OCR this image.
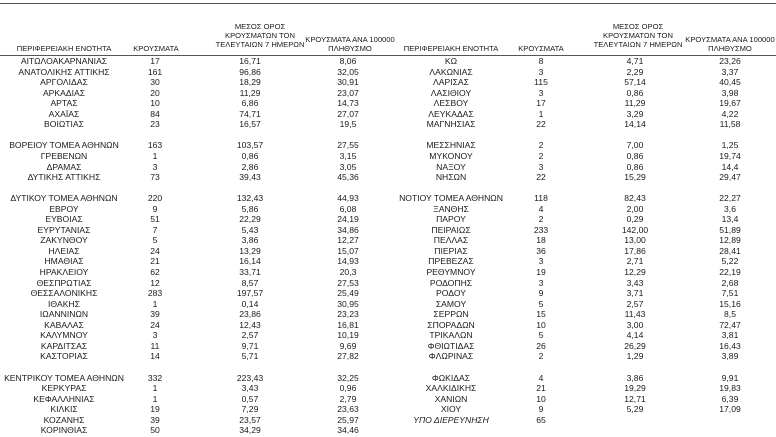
ΠΕΡΙΦΕΡΕΙΑΚΗ ΕΝΟΤΗΤΑ	ΚΡΟΥΣΜΑΤΑ
ΜΕΣΟΣ ΟΡΟΣ
ΚΡΟΥΣΜΑΤΩΝ ΤΟΝ
ΤΕΛΕΥΤΑΙΩΝ 7 ΗΜΕΡΩΝ
ΚΡΟΥΣΜΑΤΑ ΑΝΑ 100000
ΠΛΗΘΥΣΜΟ	ΠΕΡΙΦΕΡΕΙΑΚΗ ΕΝΟΤΗΤΑ	ΚΡΟΥΣΜΑΤΑ
ΜΕΣΟΣ ΟΡΟΣ
ΚΡΟΥΣΜΑΤΩΝ ΤΟΝ
ΤΕΛΕΥΤΑΙΩΝ 7 ΗΜΕΡΩΝ
ΚΡΟΥΣΜΑΤΑ ΑΝΑ 100000
ΠΛΗΘΥΣΜΟ
ΑΙΤΩΛΟΑΚΑΡΝΑΝΙΑΣ	17	16,71	8,06
ΑΝΑΤΟΛΙΚΗΣ ΑΤΤΙΚΗΣ	161	96,86	32,05
ΑΡΓΟΛΙΔΑΣ	30	18,29	30,91
ΑΡΚΑΔΙΑΣ	20	11,29	23,07
ΑΡΤΑΣ	10	6,86	14,73
ΑΧΑΪΑΣ	84	74,71	27,07
ΒΟΙΩΤΙΑΣ	23	16,57	19,5
ΒΟΡΕΙΟΥ ΤΟΜΕΑ ΑΘΗΝΩΝ	163	103,57	27,55
ΓΡΕΒΕΝΩΝ	1	0,86	3,15
ΔΡΑΜΑΣ	3	2,86	3,05
ΔΥΤΙΚΗΣ ΑΤΤΙΚΗΣ	73	39,43	45,36
ΔΥΤΙΚΟΥ ΤΟΜΕΑ ΑΘΗΝΩΝ	220	132,43	44,93
ΕΒΡΟΥ	9	5,86	6,08
ΕΥΒΟΙΑΣ	51	22,29	24,19
ΕΥΡΥΤΑΝΙΑΣ	7	5,43	34,86
ΖΑΚΥΝΘΟΥ	5	3,86	12,27
ΗΛΕΙΑΣ	24	13,29	15,07
ΗΜΑΘΙΑΣ	21	16,14	14,93
ΗΡΑΚΛΕΙΟΥ	62	33,71	20,3
ΘΕΣΠΡΩΤΙΑΣ	12	8,57	27,53
ΘΕΣΣΑΛΟΝΙΚΗΣ	283	197,57	25,49
ΙΘΑΚΗΣ	1	0,14	30,95
ΙΩΑΝΝΙΝΩΝ	39	23,86	23,23
ΚΑΒΑΛΑΣ	24	12,43	16,81
ΚΑΛΥΜΝΟΥ	3	2,57	10,19
ΚΑΡΔΙΤΣΑΣ	11	9,71	9,69
ΚΑΣΤΟΡΙΑΣ	14	5,71	27,82
ΚΕΝΤΡΙΚΟΥ ΤΟΜΕΑ ΑΘΗΝΩΝ	332	223,43	32,25
ΚΕΡΚΥΡΑΣ	1	3,43	0,96
ΚΕΦΑΛΛΗΝΙΑΣ	1	0,57	2,79
ΚΙΛΚΙΣ	19	7,29	23,63
ΚΟΖΑΝΗΣ	39	23,57	25,97
ΚΟΡΙΝΘΙΑΣ	50	34,29	34,46
ΚΩ	8	4,71	23,26
ΛΑΚΩΝΙΑΣ	3	2,29	3,37
ΛΑΡΙΣΑΣ	115	57,14	40,45
ΛΑΣΙΘΙΟΥ	3	0,86	3,98
ΛΕΣΒΟΥ	17	11,29	19,67
ΛΕΥΚΑΔΑΣ	1	3,29	4,22
ΜΑΓΝΗΣΙΑΣ	22	14,14	11,58
ΜΕΣΣΗΝΙΑΣ	2	7,00	1,25
ΜΥΚΟΝΟΥ	2	0,86	19,74
ΝΑΞΟΥ	3	0,86	14,4
ΝΗΣΩΝ	22	15,29	29,47
ΝΟΤΙΟΥ ΤΟΜΕΑ ΑΘΗΝΩΝ	118	82,43	22,27
ΞΑΝΘΗΣ	4	2,00	3,6
ΠΑΡΟΥ	2	0,29	13,4
ΠΕΙΡΑΙΩΣ	233	142,00	51,89
ΠΕΛΛΑΣ	18	13,00	12,89
ΠΙΕΡΙΑΣ	36	17,86	28,41
ΠΡΕΒΕΖΑΣ	3	2,71	5,22
ΡΕΘΥΜΝΟΥ	19	12,29	22,19
ΡΟΔΟΠΗΣ	3	3,43	2,68
ΡΟΔΟΥ	9	3,71	7,51
ΣΑΜΟΥ	5	2,57	15,16
ΣΕΡΡΩΝ	15	11,43	8,5
ΣΠΟΡΑΔΩΝ	10	3,00	72,47
ΤΡΙΚΑΛΩΝ	5	4,14	3,81
ΦΘΙΩΤΙΔΑΣ	26	26,29	16,43
ΦΛΩΡΙΝΑΣ	2	1,29	3,89
ΦΩΚΙΔΑΣ	4	3,86	9,91
ΧΑΛΚΙΔΙΚΗΣ	21	19,29	19,83
ΧΑΝΙΩΝ	10	12,71	6,39
ΧΙΟΥ	9	5,29	17,09
ΥΠΟ ΔΙΕΡΕΥΝΗΣΗ	65
